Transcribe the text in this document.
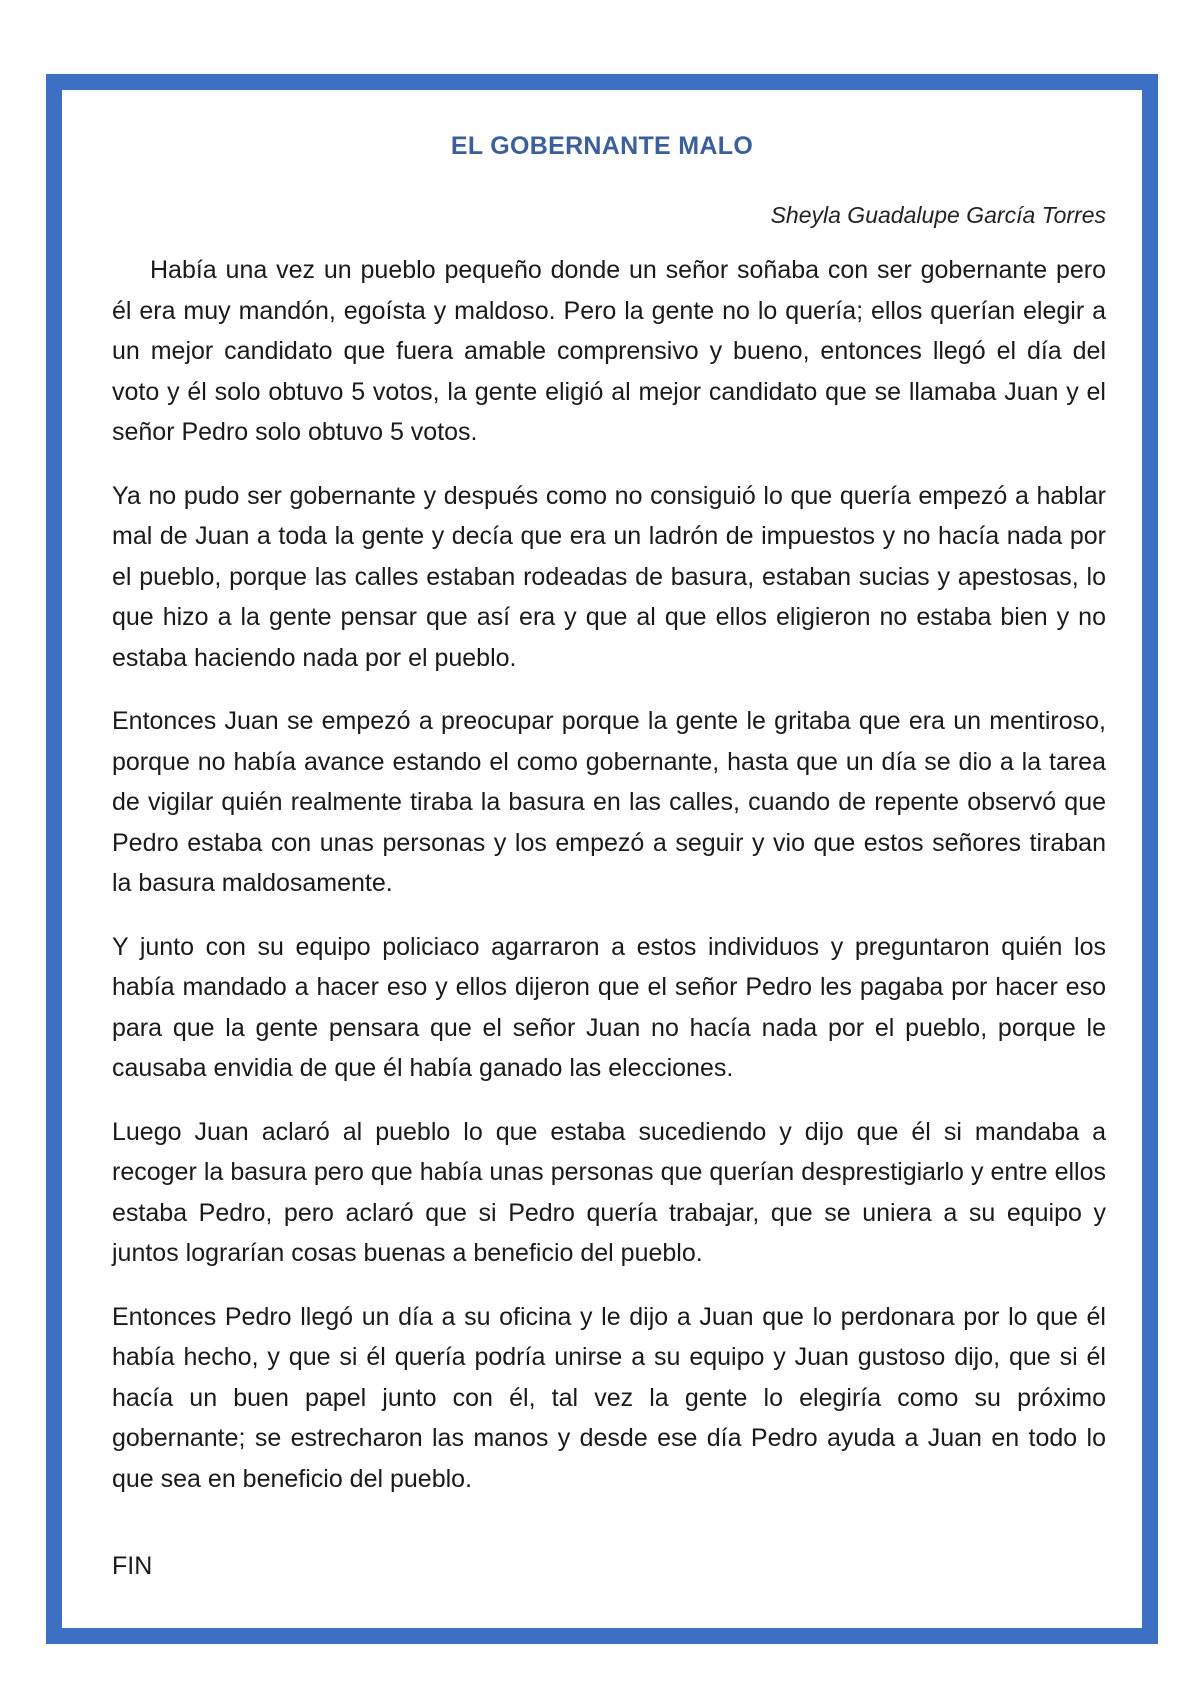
EL GOBERNANTE MALO
Sheyla Guadalupe García Torres

Había una vez un pueblo pequeño donde un señor soñaba con ser gobernante pero él era muy mandón, egoísta y maldoso. Pero la gente no lo quería; ellos querían elegir a un mejor candidato que fuera amable comprensivo y bueno, entonces llegó el día del voto y él solo obtuvo 5 votos, la gente eligió al mejor candidato que se llamaba Juan y el señor Pedro solo obtuvo 5 votos.

Ya no pudo ser gobernante y después como no consiguió lo que quería empezó a hablar mal de Juan a toda la gente y decía que era un ladrón de impuestos y no hacía nada por el pueblo, porque las calles estaban rodeadas de basura, estaban sucias y apestosas, lo que hizo a la gente pensar que así era y que al que ellos eligieron no estaba bien y no estaba haciendo nada por el pueblo.

Entonces Juan se empezó a preocupar porque la gente le gritaba que era un mentiroso, porque no había avance estando el como gobernante, hasta que un día se dio a la tarea de vigilar quién realmente tiraba la basura en las calles, cuando de repente observó que Pedro estaba con unas personas y los empezó a seguir y vio que estos señores tiraban la basura maldosamente.

Y junto con su equipo policiaco agarraron a estos individuos y preguntaron quién los había mandado a hacer eso y ellos dijeron que el señor Pedro les pagaba por hacer eso para que la gente pensara que el señor Juan no hacía nada por el pueblo, porque le causaba envidia de que él había ganado las elecciones.

Luego Juan aclaró al pueblo lo que estaba sucediendo y dijo que él si mandaba a recoger la basura pero que había unas personas que querían desprestigiarlo y entre ellos estaba Pedro, pero aclaró que si Pedro quería trabajar, que se uniera a su equipo y juntos lograrían cosas buenas a beneficio del pueblo.

Entonces Pedro llegó un día a su oficina y le dijo a Juan que lo perdonara por lo que él había hecho, y que si él quería podría unirse a su equipo y Juan gustoso dijo, que si él hacía un buen papel junto con él, tal vez la gente lo elegiría como su próximo gobernante; se estrecharon las manos y desde ese día Pedro ayuda a Juan en todo lo que sea en beneficio del pueblo.

FIN
